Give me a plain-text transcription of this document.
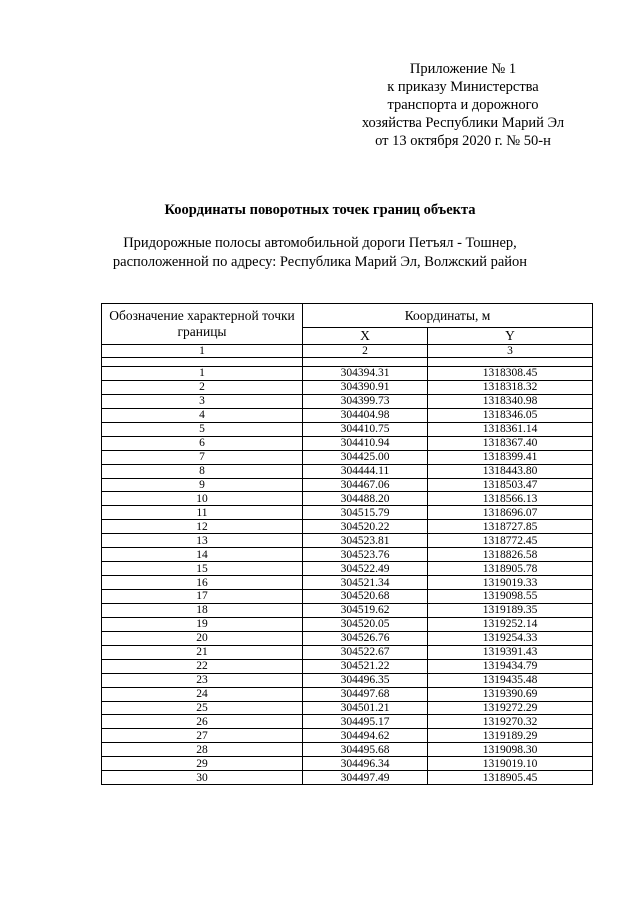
Приложение № 1
к приказу Министерства
транспорта и дорожного
хозяйства Республики Марий Эл
от 13 октября 2020 г. № 50-н
Координаты поворотных точек границ объекта
Придорожные полосы автомобильной дороги Петъял - Тошнер,
расположенной по адресу: Республика Марий Эл, Волжский район
Обозначение характерной точки границы	Координаты, м	
	X	Y
1	2	3

1	304394.31	1318308.45
2	304390.91	1318318.32
3	304399.73	1318340.98
4	304404.98	1318346.05
5	304410.75	1318361.14
6	304410.94	1318367.40
7	304425.00	1318399.41
8	304444.11	1318443.80
9	304467.06	1318503.47
10	304488.20	1318566.13
11	304515.79	1318696.07
12	304520.22	1318727.85
13	304523.81	1318772.45
14	304523.76	1318826.58
15	304522.49	1318905.78
16	304521.34	1319019.33
17	304520.68	1319098.55
18	304519.62	1319189.35
19	304520.05	1319252.14
20	304526.76	1319254.33
21	304522.67	1319391.43
22	304521.22	1319434.79
23	304496.35	1319435.48
24	304497.68	1319390.69
25	304501.21	1319272.29
26	304495.17	1319270.32
27	304494.62	1319189.29
28	304495.68	1319098.30
29	304496.34	1319019.10
30	304497.49	1318905.45
